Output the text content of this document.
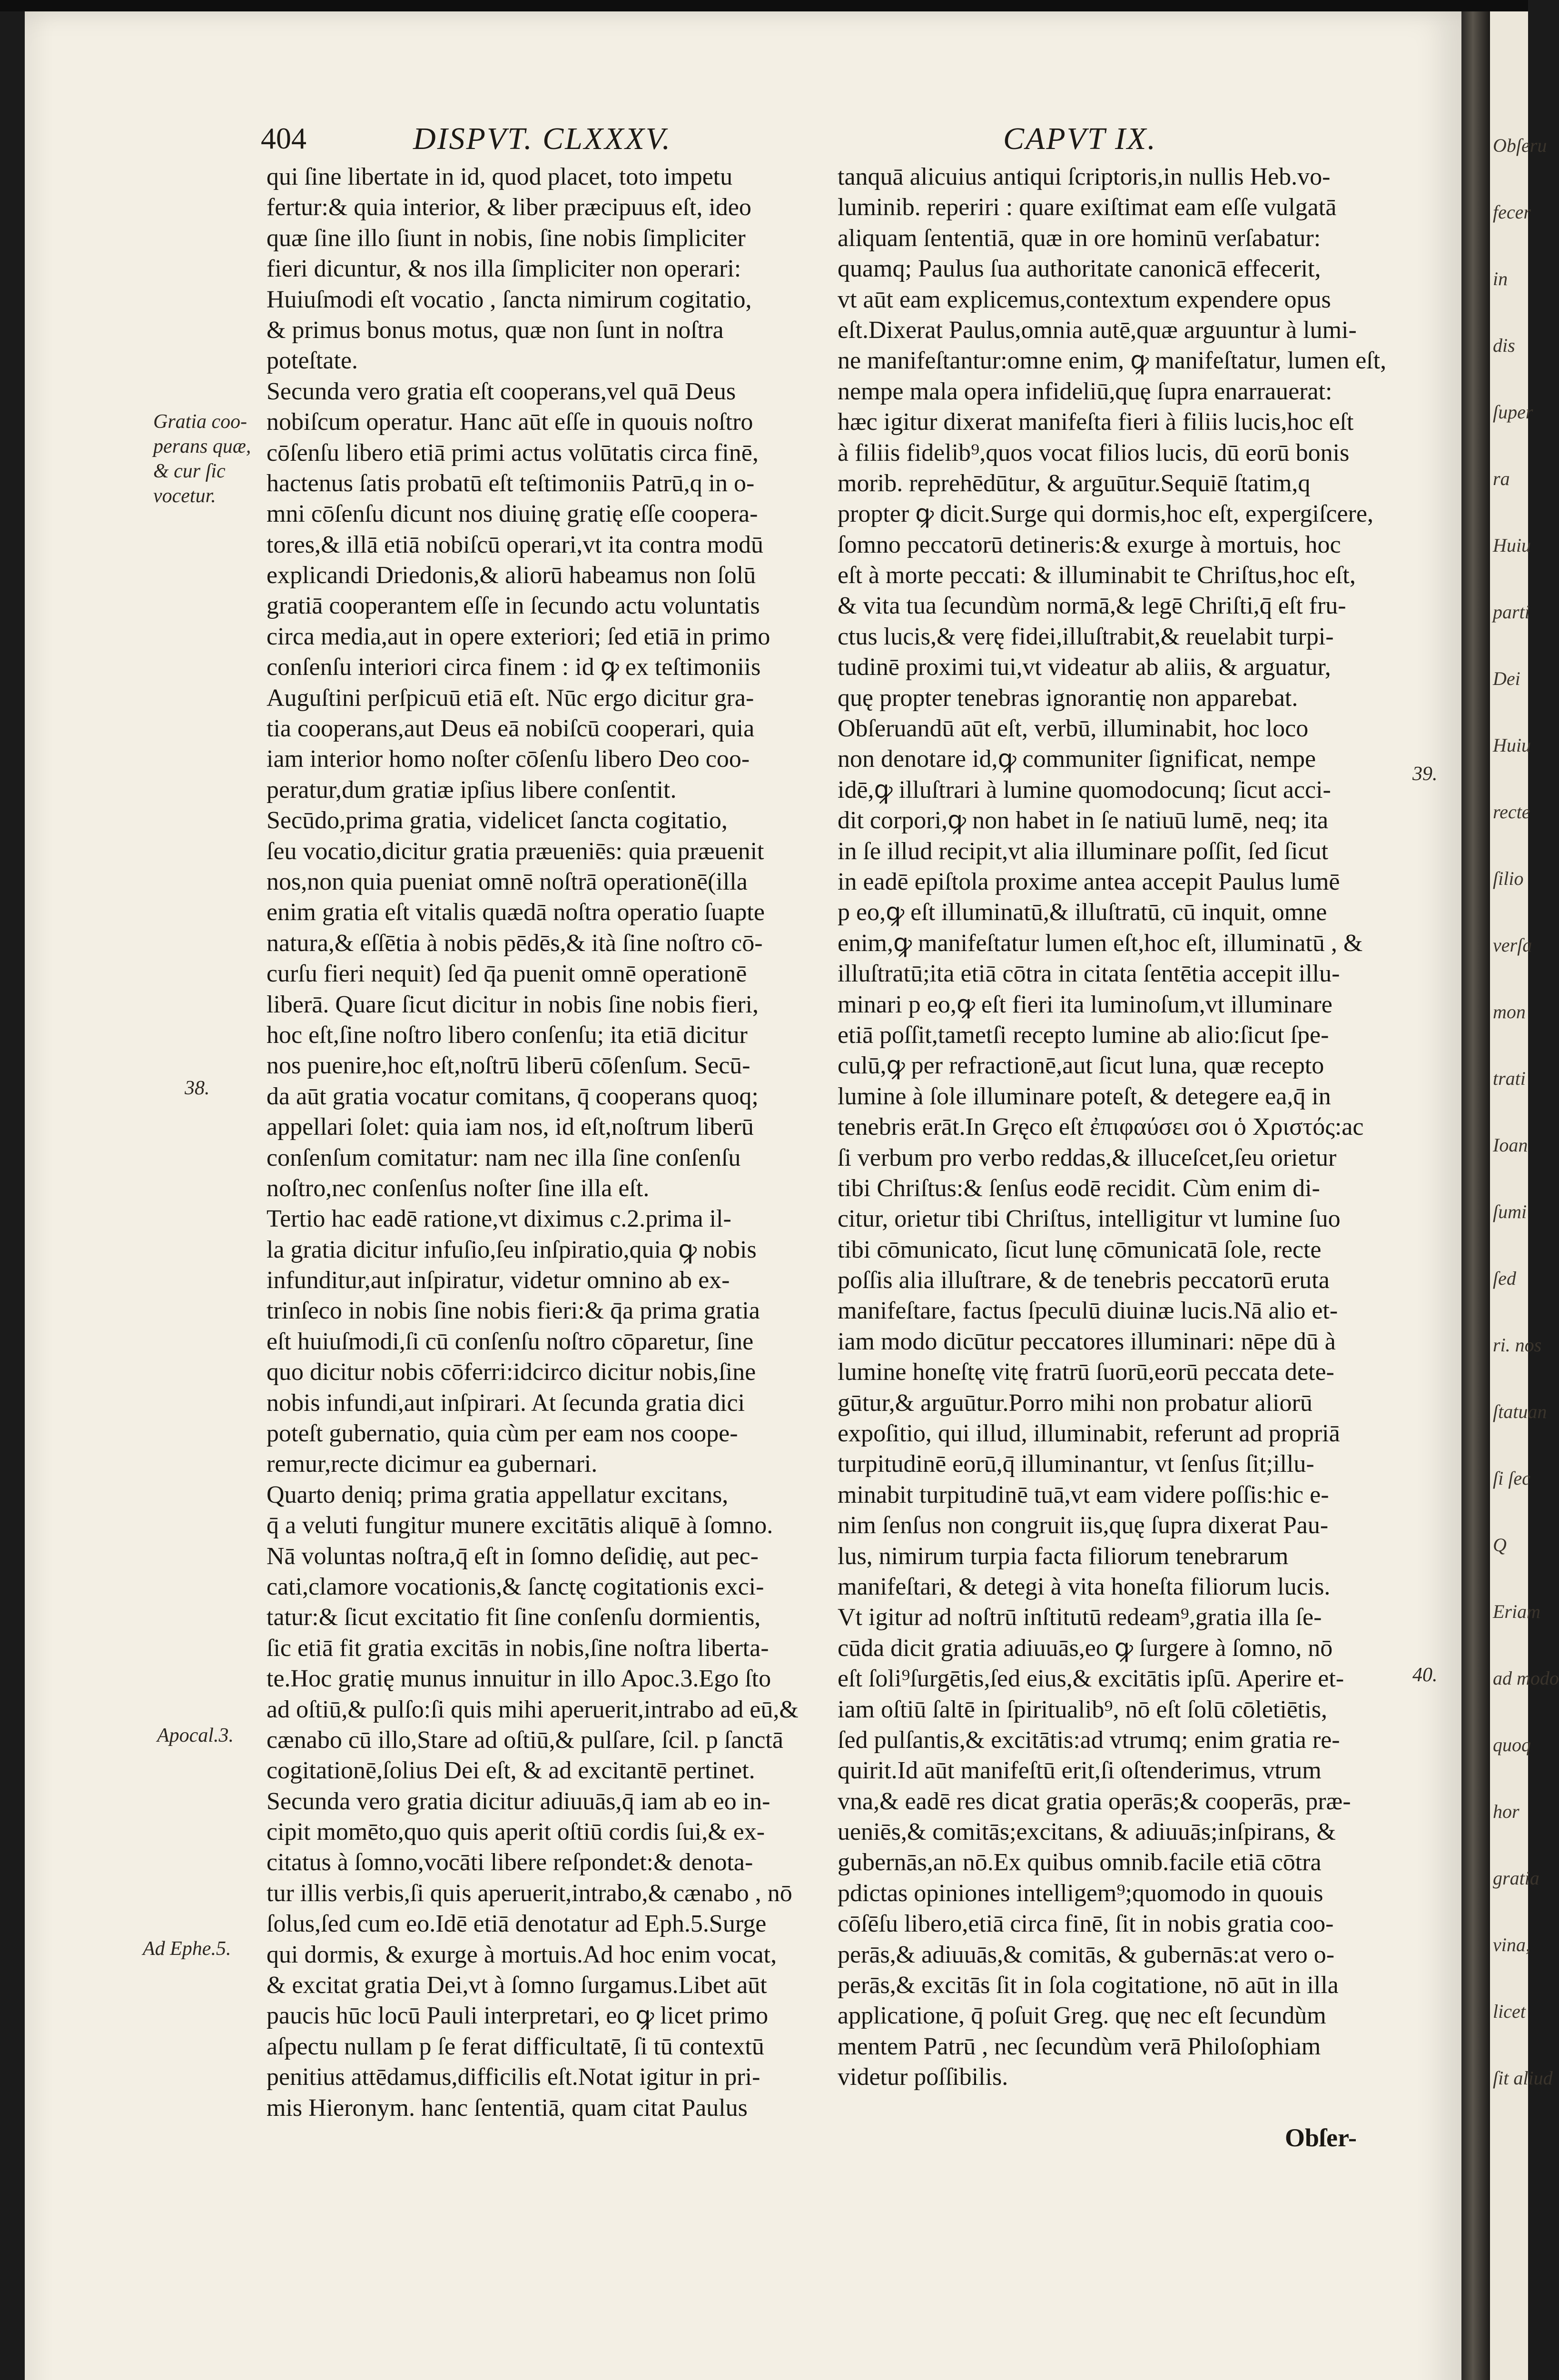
Obſeru
fecer
in
dis
ſuper
ra
Huiu
parti
Dei
Huiu
recte
ſilio
verſa
mon
trati
Ioan
ſumi
ſed
ri. nos
ſtatuan
ſi ſec
Q
Eriam
ad modo
quoq
hor
gratia
vina,
licet
ſit aliud
404	DISPVT. CLXXXV.	CAPVT IX.
qui ſine libertate in id, quod placet, toto impetu
fertur:& quia interior, & liber præcipuus eſt, ideo
quæ ſine illo ſiunt in nobis, ſine nobis ſimpliciter
fieri dicuntur, & nos illa ſimpliciter non operari:
Huiuſmodi eſt vocatio , ſancta nimirum cogitatio,
& primus bonus motus, quæ non ſunt in noſtra
poteſtate.
Secunda vero gratia eſt cooperans,vel quā Deus
nobiſcum operatur. Hanc aūt eſſe in quouis noſtro
cōſenſu libero etiā primi actus volūtatis circa finē,
hactenus ſatis probatū eſt teſtimoniis Patrū,q in o-
mni cōſenſu dicunt nos diuinę gratię eſſe coopera-
tores,& illā etiā nobiſcū operari,vt ita contra modū
explicandi Driedonis,& aliorū habeamus non ſolū
gratiā cooperantem eſſe in ſecundo actu voluntatis
circa media,aut in opere exteriori; ſed etiā in primo
conſenſu interiori circa finem : id ꝙ ex teſtimoniis
Auguſtini perſpicuū etiā eſt. Nūc ergo dicitur gra-
tia cooperans,aut Deus eā nobiſcū cooperari, quia
iam interior homo noſter cōſenſu libero Deo coo-
peratur,dum gratiæ ipſius libere conſentit.
Secūdo,prima gratia, videlicet ſancta cogitatio,
ſeu vocatio,dicitur gratia præueniēs: quia præuenit
nos,non quia pueniat omnē noſtrā operationē(illa
enim gratia eſt vitalis quædā noſtra operatio ſuapte
natura,& eſſētia à nobis pēdēs,& ità ſine noſtro cō-
curſu fieri nequit) ſed q̄a puenit omnē operationē
liberā. Quare ſicut dicitur in nobis ſine nobis fieri,
hoc eſt,ſine noſtro libero conſenſu; ita etiā dicitur
nos puenire,hoc eſt,noſtrū liberū cōſenſum. Secū-
da aūt gratia vocatur comitans, q̄ cooperans quoq;
appellari ſolet: quia iam nos, id eſt,noſtrum liberū
conſenſum comitatur: nam nec illa ſine conſenſu
noſtro,nec conſenſus noſter ſine illa eſt.
Tertio hac eadē ratione,vt diximus c.2.prima il-
la gratia dicitur infuſio,ſeu inſpiratio,quia ꝙ nobis
infunditur,aut inſpiratur, videtur omnino ab ex-
trinſeco in nobis ſine nobis fieri:& q̄a prima gratia
eſt huiuſmodi,ſi cū conſenſu noſtro cōparetur, ſine
quo dicitur nobis cōferri:idcirco dicitur nobis,ſine
nobis infundi,aut inſpirari. At ſecunda gratia dici
poteſt gubernatio, quia cùm per eam nos coope-
remur,recte dicimur ea gubernari.
Quarto deniq; prima gratia appellatur excitans,
q̄ a veluti fungitur munere excitātis aliquē à ſomno.
Nā voluntas noſtra,q̄ eſt in ſomno deſidię, aut pec-
cati,clamore vocationis,& ſanctę cogitationis exci-
tatur:& ſicut excitatio fit ſine conſenſu dormientis,
ſic etiā fit gratia excitās in nobis,ſine noſtra liberta-
te.Hoc gratię munus innuitur in illo Apoc.3.Ego ſto
ad oſtiū,& pulſo:ſi quis mihi aperuerit,intrabo ad eū,&
cænabo cū illo,Stare ad oſtiū,& pulſare, ſcil. p ſanctā
cogitationē,ſolius Dei eſt, & ad excitantē pertinet.
Secunda vero gratia dicitur adiuuās,q̄ iam ab eo in-
cipit momēto,quo quis aperit oſtiū cordis ſui,& ex-
citatus à ſomno,vocāti libere reſpondet:& denota-
tur illis verbis,ſi quis aperuerit,intrabo,& cænabo , nō
ſolus,ſed cum eo.Idē etiā denotatur ad Eph.5.Surge
qui dormis, & exurge à mortuis.Ad hoc enim vocat,
& excitat gratia Dei,vt à ſomno ſurgamus.Libet aūt
paucis hūc locū Pauli interpretari, eo ꝙ licet primo
aſpectu nullam p ſe ferat difficultatē, ſi tū contextū
penitius attēdamus,difficilis eſt.Notat igitur in pri-
mis Hieronym. hanc ſententiā, quam citat Paulus
tanquā alicuius antiqui ſcriptoris,in nullis Heb.vo-
luminib. reperiri : quare exiſtimat eam eſſe vulgatā
aliquam ſententiā, quæ in ore hominū verſabatur:
quamq; Paulus ſua authoritate canonicā effecerit,
vt aūt eam explicemus,contextum expendere opus
eſt.Dixerat Paulus,omnia autē,quæ arguuntur à lumi-
ne manifeſtantur:omne enim, ꝙ manifeſtatur, lumen eſt,
nempe mala opera infideliū,quę ſupra enarrauerat:
hæc igitur dixerat manifeſta fieri à filiis lucis,hoc eſt
à filiis fidelib⁹,quos vocat filios lucis, dū eorū bonis
morib. reprehēdūtur, & arguūtur.Sequiē ſtatim,q
propter ꝙ dicit.Surge qui dormis,hoc eſt, expergiſcere,
ſomno peccatorū detineris:& exurge à mortuis, hoc
eſt à morte peccati: & illuminabit te Chriſtus,hoc eſt,
& vita tua ſecundùm normā,& legē Chriſti,q̄ eſt fru-
ctus lucis,& verę fidei,illuſtrabit,& reuelabit turpi-
tudinē proximi tui,vt videatur ab aliis, & arguatur,
quę propter tenebras ignorantię non apparebat.
Obſeruandū aūt eſt, verbū, illuminabit, hoc loco
non denotare id,ꝙ communiter ſignificat, nempe
idē,ꝙ illuſtrari à lumine quomodocunq; ſicut acci-
dit corpori,ꝙ non habet in ſe natiuū lumē, neq; ita
in ſe illud recipit,vt alia illuminare poſſit, ſed ſicut
in eadē epiſtola proxime antea accepit Paulus lumē
p eo,ꝙ eſt illuminatū,& illuſtratū, cū inquit, omne
enim,ꝙ manifeſtatur lumen eſt,hoc eſt, illuminatū , &
illuſtratū;ita etiā cōtra in citata ſentētia accepit illu-
minari p eo,ꝙ eſt fieri ita luminoſum,vt illuminare
etiā poſſit,tametſi recepto lumine ab alio:ſicut ſpe-
culū,ꝙ per refractionē,aut ſicut luna, quæ recepto
lumine à ſole illuminare poteſt, & detegere ea,q̄ in
tenebris erāt.In Gręco eſt ἐπιφαύσει σοι ὁ Χριστός:ac
ſi verbum pro verbo reddas,& illuceſcet,ſeu orietur
tibi Chriſtus:& ſenſus eodē recidit. Cùm enim di-
citur, orietur tibi Chriſtus, intelligitur vt lumine ſuo
tibi cōmunicato, ſicut lunę cōmunicatā ſole, recte
poſſis alia illuſtrare, & de tenebris peccatorū eruta
manifeſtare, factus ſpeculū diuinæ lucis.Nā alio et-
iam modo dicūtur peccatores illuminari: nēpe dū à
lumine honeſtę vitę fratrū ſuorū,eorū peccata dete-
gūtur,& arguūtur.Porro mihi non probatur aliorū
expoſitio, qui illud, illuminabit, referunt ad propriā
turpitudinē eorū,q̄ illuminantur, vt ſenſus ſit;illu-
minabit turpitudinē tuā,vt eam videre poſſis:hic e-
nim ſenſus non congruit iis,quę ſupra dixerat Pau-
lus, nimirum turpia facta filiorum tenebrarum
manifeſtari, & detegi à vita honeſta filiorum lucis.
Vt igitur ad noſtrū inſtitutū redeam⁹,gratia illa ſe-
cūda dicit gratia adiuuās,eo ꝙ ſurgere à ſomno, nō
eſt ſoli⁹ſurgētis,ſed eius,& excitātis ipſū. Aperire et-
iam oſtiū ſaltē in ſpiritualib⁹, nō eſt ſolū cōletiētis,
ſed pulſantis,& excitātis:ad vtrumq; enim gratia re-
quirit.Id aūt manifeſtū erit,ſi oſtenderimus, vtrum
vna,& eadē res dicat gratia operās;& cooperās, præ-
ueniēs,& comitās;excitans, & adiuuās;inſpirans, &
gubernās,an nō.Ex quibus omnib.facile etiā cōtra
pdictas opiniones intelligem⁹;quomodo in quouis
cōſēſu libero,etiā circa finē, ſit in nobis gratia coo-
perās,& adiuuās,& comitās, & gubernās:at vero o-
perās,& excitās ſit in ſola cogitatione, nō aūt in illa
applicatione, q̄ poſuit Greg. quę nec eſt ſecundùm
mentem Patrū , nec ſecundùm verā Philoſophiam
videtur poſſibilis.
Gratia coo-
perans quæ,
& cur ſic
vocetur.
38.
Apocal.3.
Ad Ephe.5.
39.
40.
Obſer-
